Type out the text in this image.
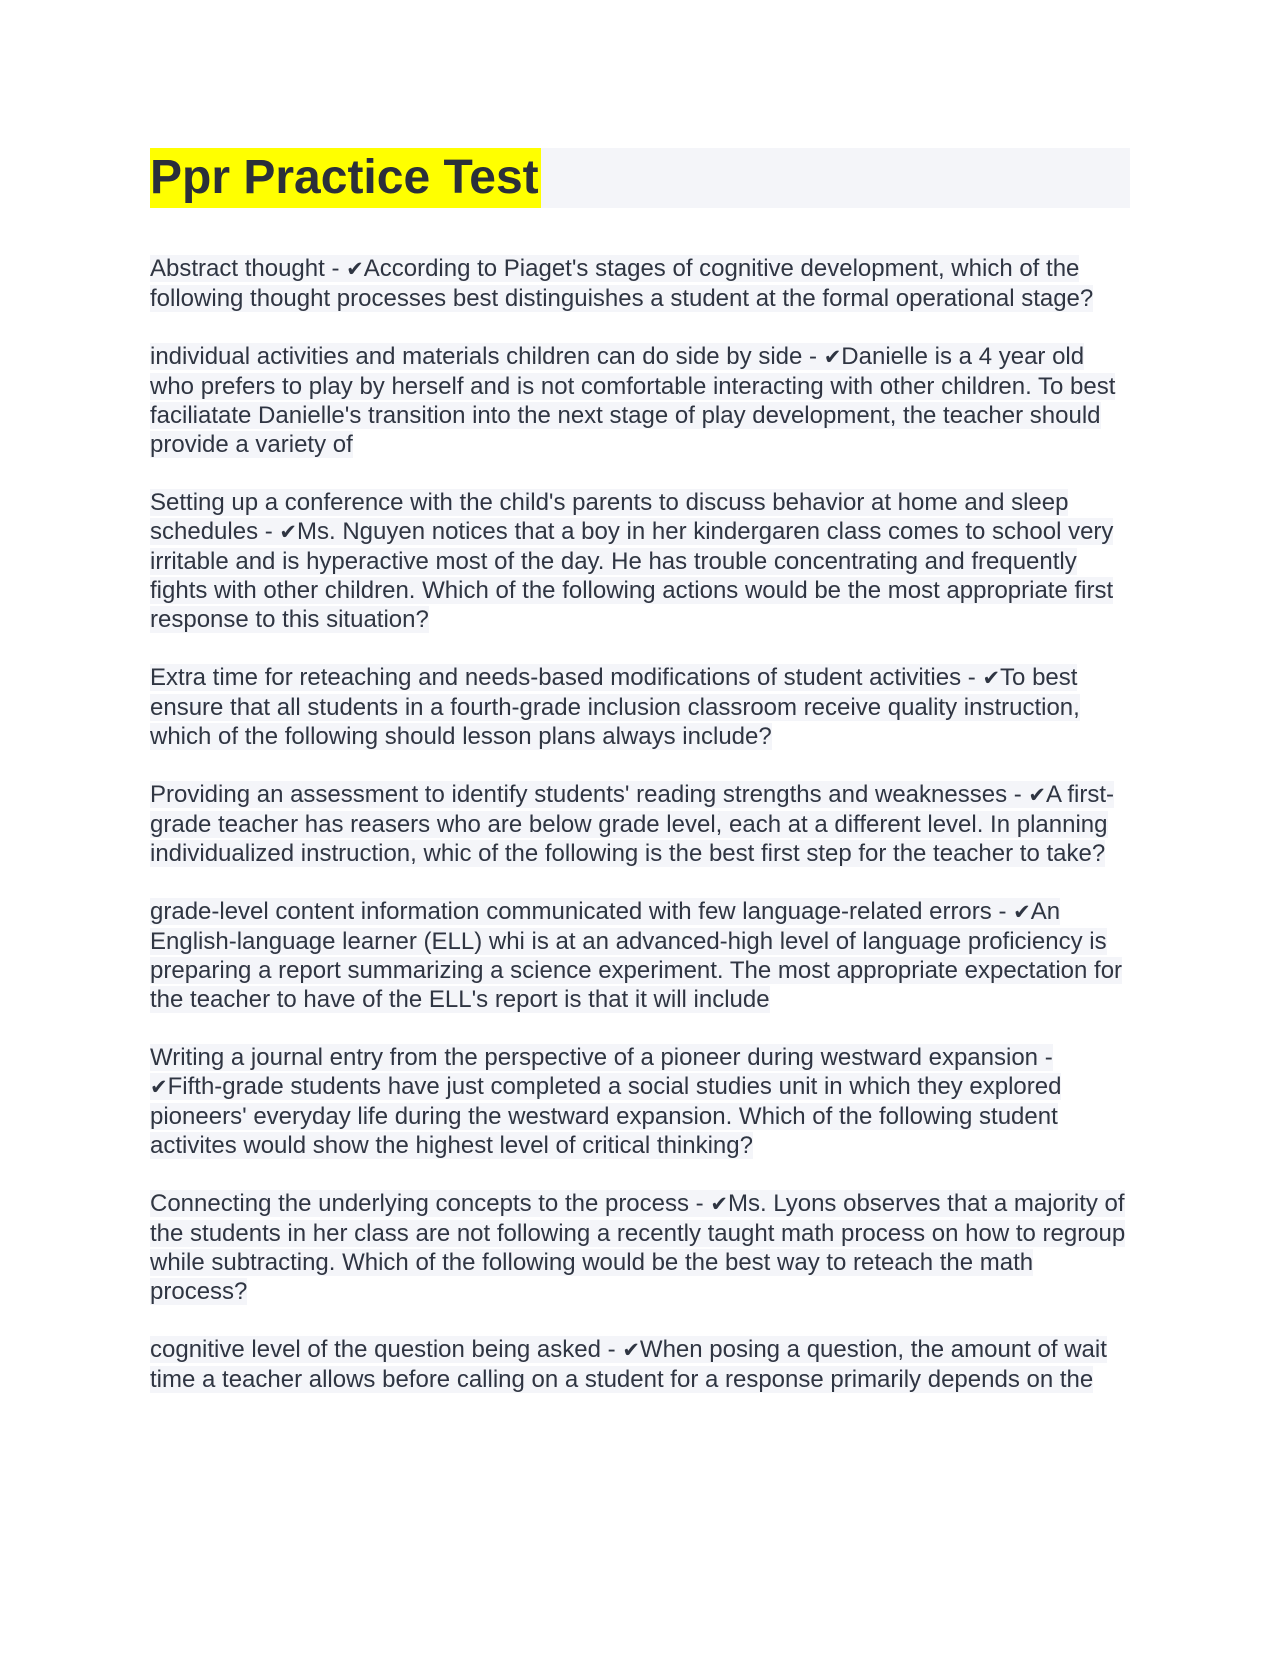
Ppr Practice Test

Abstract thought - ✔According to Piaget's stages of cognitive development, which of the following thought processes best distinguishes a student at the formal operational stage?

individual activities and materials children can do side by side - ✔Danielle is a 4 year old who prefers to play by herself and is not comfortable interacting with other children. To best faciliatate Danielle's transition into the next stage of play development, the teacher should provide a variety of

Setting up a conference with the child's parents to discuss behavior at home and sleep schedules - ✔Ms. Nguyen notices that a boy in her kindergaren class comes to school very irritable and is hyperactive most of the day. He has trouble concentrating and frequently fights with other children. Which of the following actions would be the most appropriate first response to this situation?

Extra time for reteaching and needs-based modifications of student activities - ✔To best ensure that all students in a fourth-grade inclusion classroom receive quality instruction, which of the following should lesson plans always include?

Providing an assessment to identify students' reading strengths and weaknesses - ✔A first-grade teacher has reasers who are below grade level, each at a different level. In planning individualized instruction, whic of the following is the best first step for the teacher to take?

grade-level content information communicated with few language-related errors - ✔An English-language learner (ELL) whi is at an advanced-high level of language proficiency is preparing a report summarizing a science experiment. The most appropriate expectation for the teacher to have of the ELL's report is that it will include

Writing a journal entry from the perspective of a pioneer during westward expansion - ✔Fifth-grade students have just completed a social studies unit in which they explored pioneers' everyday life during the westward expansion. Which of the following student activites would show the highest level of critical thinking?

Connecting the underlying concepts to the process - ✔Ms. Lyons observes that a majority of the students in her class are not following a recently taught math process on how to regroup while subtracting. Which of the following would be the best way to reteach the math process?

cognitive level of the question being asked - ✔When posing a question, the amount of wait time a teacher allows before calling on a student for a response primarily depends on the
